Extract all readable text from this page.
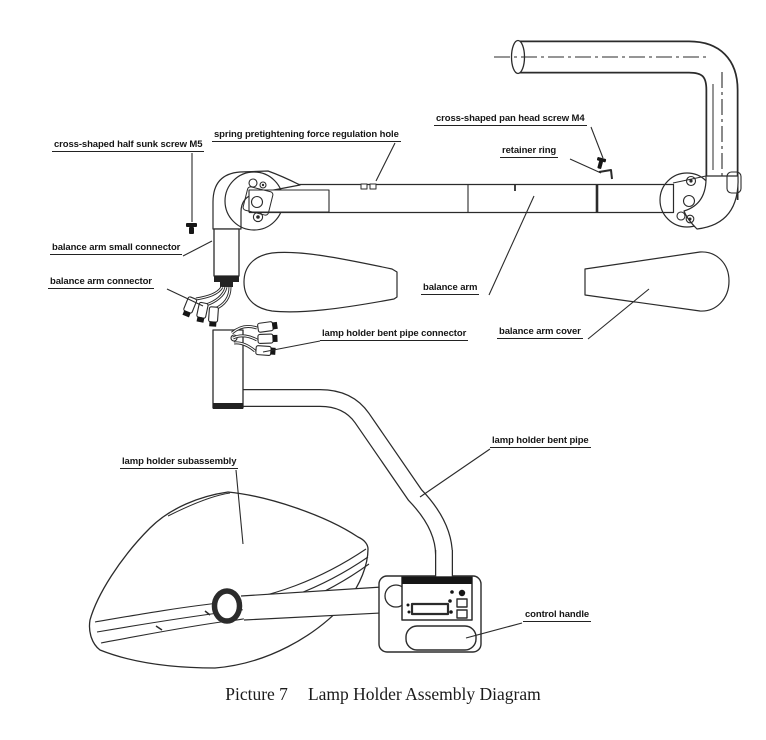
cross-shaped half sunk screw M5
spring pretightening force regulation hole
cross-shaped pan head screw M4
retainer ring
balance arm small connector
balance arm connector
balance arm
balance arm cover
lamp holder bent pipe connector
lamp holder subassembly
lamp holder bent pipe
control handle
Picture 7 Lamp Holder Assembly Diagram
